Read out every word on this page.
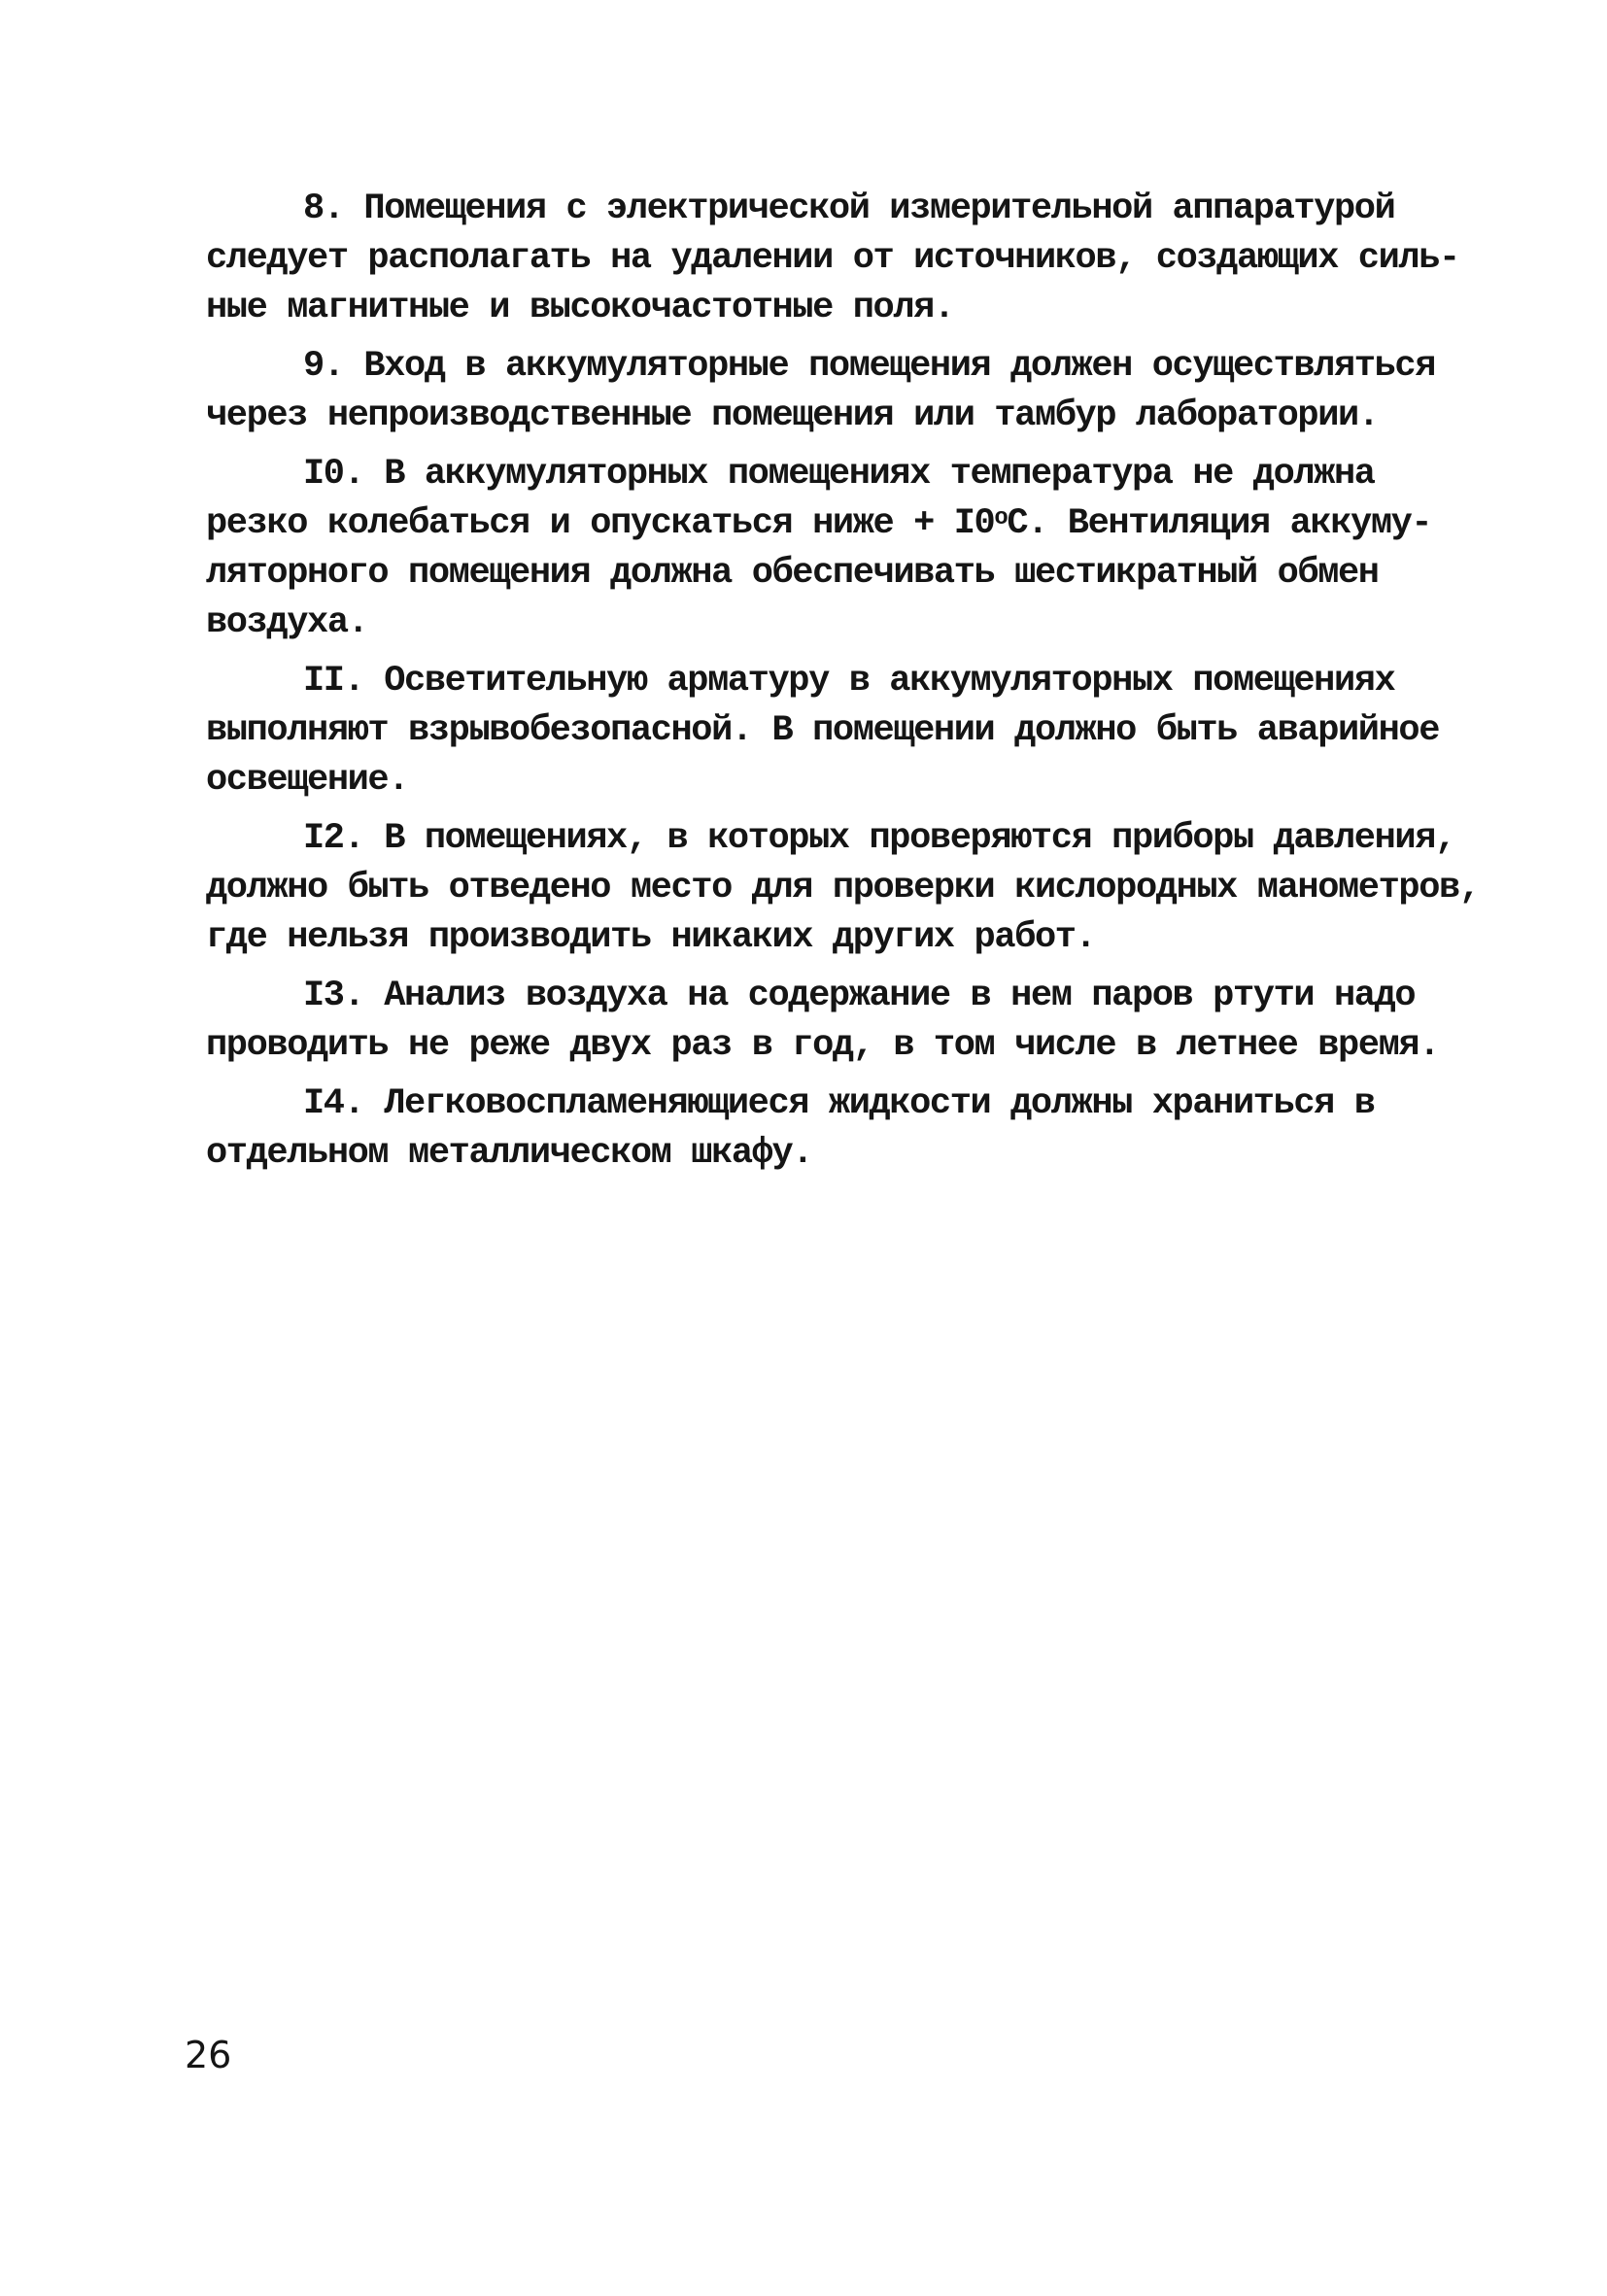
8. Помещения с электрической измерительной аппаратурой
следует располагать на удалении от источников, создающих силь-
ные магнитные и высокочастотные поля.
9. Вход в аккумуляторные помещения должен осуществляться
через непроизводственные помещения или тамбур лаборатории.
I0. В аккумуляторных помещениях температура не должна
резко колебаться и опускаться ниже + $I0^оС$. Вентиляция аккуму-
ляторного помещения должна обеспечивать шестикратный обмен
воздуха.
II. Осветительную арматуру в аккумуляторных помещениях
выполняют взрывобезопасной. В помещении должно быть аварийное
освещение.
I2. В помещениях, в которых проверяются приборы давления,
должно быть отведено место для проверки кислородных манометров,
где нельзя производить никаких других работ.
I3. Анализ воздуха на содержание в нем паров ртути надо
проводить не реже двух раз в год, в том числе в летнее время.
I4. Легковоспламеняющиеся жидкости должны храниться в
отдельном металлическом шкафу.
26
